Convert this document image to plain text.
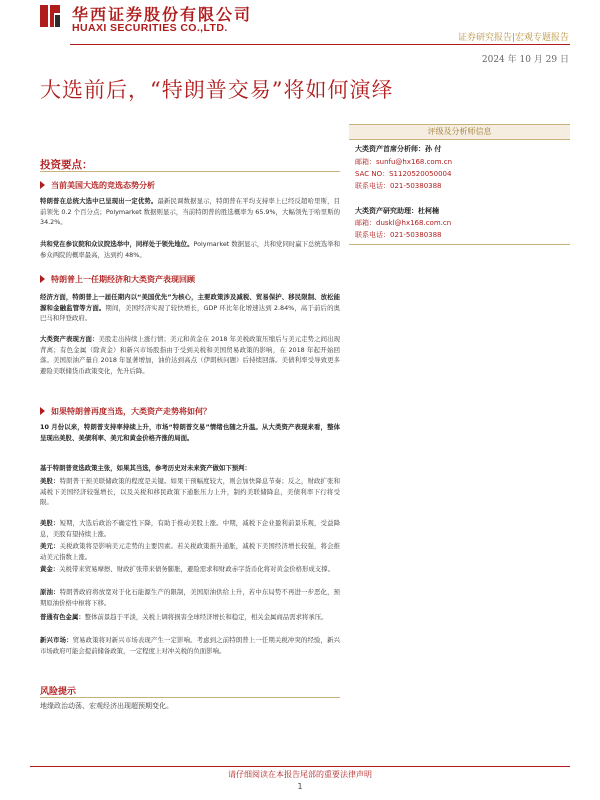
华西证券股份有限公司
HUAXI SECURITIES CO.,LTD.
证券研究报告|宏观专题报告
2024 年 10 月 29 日
大选前后，“特朗普交易”将如何演绎
评级及分析师信息
大类资产首席分析师：孙 付
邮箱：sunfu@hx168.com.cn
SAC NO：S1120520050004
联系电话：021-50380388
大类资产研究助理：杜柯楠
邮箱：duskl@hx168.com.cn
联系电话：021-50380388
投资要点：
当前美国大选的竞选态势分析
特朗普在总统大选中已呈现出一定优势。最新民调数据显示，特朗普在平均支持率上已经反超哈里斯，目前领先 0.2 个百分点；Polymarket 数据则显示，当前特朗普的胜选概率为 65.9%，大幅领先于哈里斯的 34.2%。
共和党在参议院和众议院选举中，同样处于领先地位。Polymarket 数据显示，共和党同时赢下总统选举和参众两院的概率最高，达到约 48%。
特朗普上一任期经济和大类资产表现回顾
经济方面，特朗普上一届任期内以“美国优先”为核心，主要政策涉及减税、贸易保护、移民限制、放松能源和金融监管等方面。期间，美国经济实现了较快增长，GDP 环比年化增速达到 2.84%，高于前后的奥巴马和拜登政府。
大类资产表现方面：美股走出持续上涨行情；美元和黄金在 2018 年美税政策压缩后与美元走势之间出现背离；有色金属（除黄金）和新兴市场股指由于受到关税和美国贸易政策的影响，在 2018 年起开始回落。美国原油产量自 2018 年显著增加，油价达到高点（伊朗核问题）后持续回落。美债利率受导致更多避险美联储货币政策变化，先升后降。
如果特朗普再度当选，大类资产走势将如何？
10 月份以来，特朗普支持率持续上升，市场“特朗普交易”情绪也随之升温。从大类资产表现来看，整体呈现出美股、美债利率、美元和黄金价格齐涨的局面。
基于特朗普竞选政策主张，如果其当选，参考历史对未来资产做如下预判：
美股：特朗普干预美联储政策的程度是关键。如果干预幅度较大，则会加快降息节奏；反之，财政扩张和减税下美国经济较强增长，以及关税和移民政策下通胀压力上升，制约美联储降息，美债利率下行将受限。
美股：短期，大选后政治不确定性下降，有助于推动美股上涨。中期，减税下企业盈利前景乐观，受益降息，美股有望持续上涨。
美元：关税政策将是影响美元走势的主要因素。若关税政策推升通胀，减税下美国经济增长较强，将会推动美元指数上涨。
黄金：关税带来贸易摩擦、财政扩张带来债务膨胀，避险需求和财政赤字货币化将对黄金价格形成支撑。
原油：特朗普政府将放宽对于化石能源生产的限制，美国原油供给上升，若中东局势不再进一步恶化，预期原油价格中枢将下移。
普通有色金属：整体前景趋于平淡，关税上调将损害全球经济增长和稳定，相关金属商品需求将承压。
新兴市场：贸易政策将对新兴市场表现产生一定影响。考虑到之前特朗普上一任期关税冲突的经验，新兴市场政府可能会提前储备政策，一定程度上对冲关税的负面影响。
风险提示
地缘政治动荡、宏观经济出现超预期变化。
请仔细阅读在本报告尾部的重要法律声明
1
